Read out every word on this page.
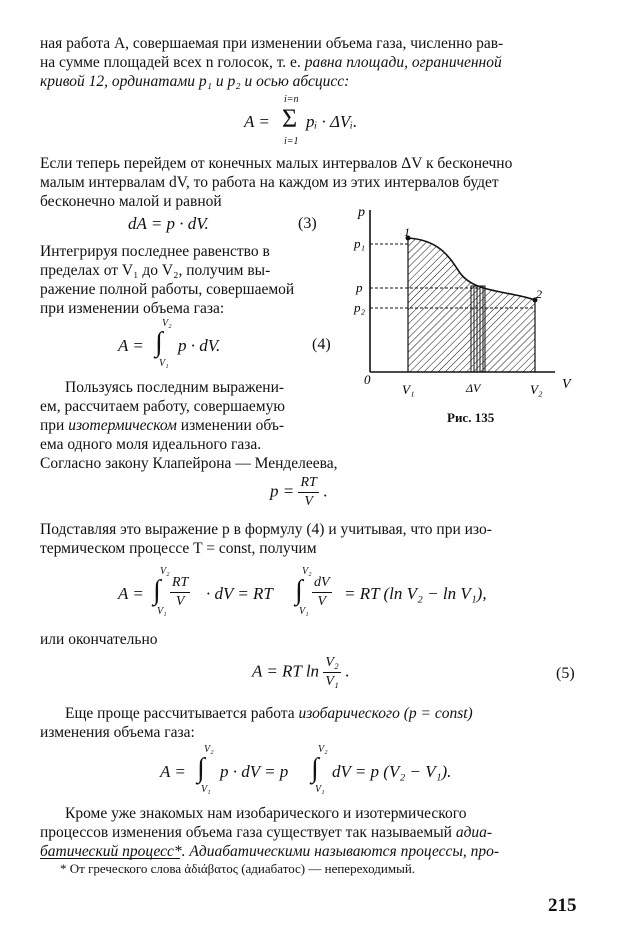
ная работа A, совершаемая при изменении объема газа, численно рав-
на сумме площадей всех n голосок, т. е. равна площади, ограниченной
кривой 12, ординатами p₁ и p₂ и осью абсцисс:
A =
i=n
Σ
i=1
pᵢ · ΔVᵢ.
Если теперь перейдем от конечных малых интервалов ΔV к бесконечно
малым интервалам dV, то работа на каждом из этих интервалов будет
бесконечно малой и равной
dA = p · dV.	(3)
Интегрируя последнее равенство в
пределах от V₁ до V₂, получим вы-
ражение полной работы, совершаемой
при изменении объема газа:
A =
V₂
∫
V₁
p · dV.	(4)
Пользуясь последним выражени-
ем, рассчитаем работу, совершаемую
при изотермическом изменении объ-
ема одного моля идеального газа.
Согласно закону Клапейрона — Менделеева,
p
V
0
p₁
p
p₂
V₁	ΔV	V₂
1
2
Рис. 135
$p = \frac{RT}{V}$ .
Подставляя это выражение p в формулу (4) и учитывая, что при изо-
термическом процессе T = const, получим
A =
V₂
∫
V₁
$\frac{RT}{V}$ · dV = RT
V₂
∫
V₁
$\frac{dV}{V}$ = RT (ln V₂ − ln V₁),
или окончательно
A = RT $\ln \frac{\text{V₂}}{\text{V₁}}$ .	(5)
Еще проще рассчитывается работа изобарического (p = const)
изменения объема газа:
A =
V₂
∫
V₁
p · dV = p
V₂
∫
V₁
dV = p (V₂ − V₁).
Кроме уже знакомых нам изобарического и изотермического
процессов изменения объема газа существует так называемый адиа-
батический процесс*. Адиабатическими называются процессы, про-
* От греческого слова ἀδιάβατος (адиабатос) — непереходимый.
215
